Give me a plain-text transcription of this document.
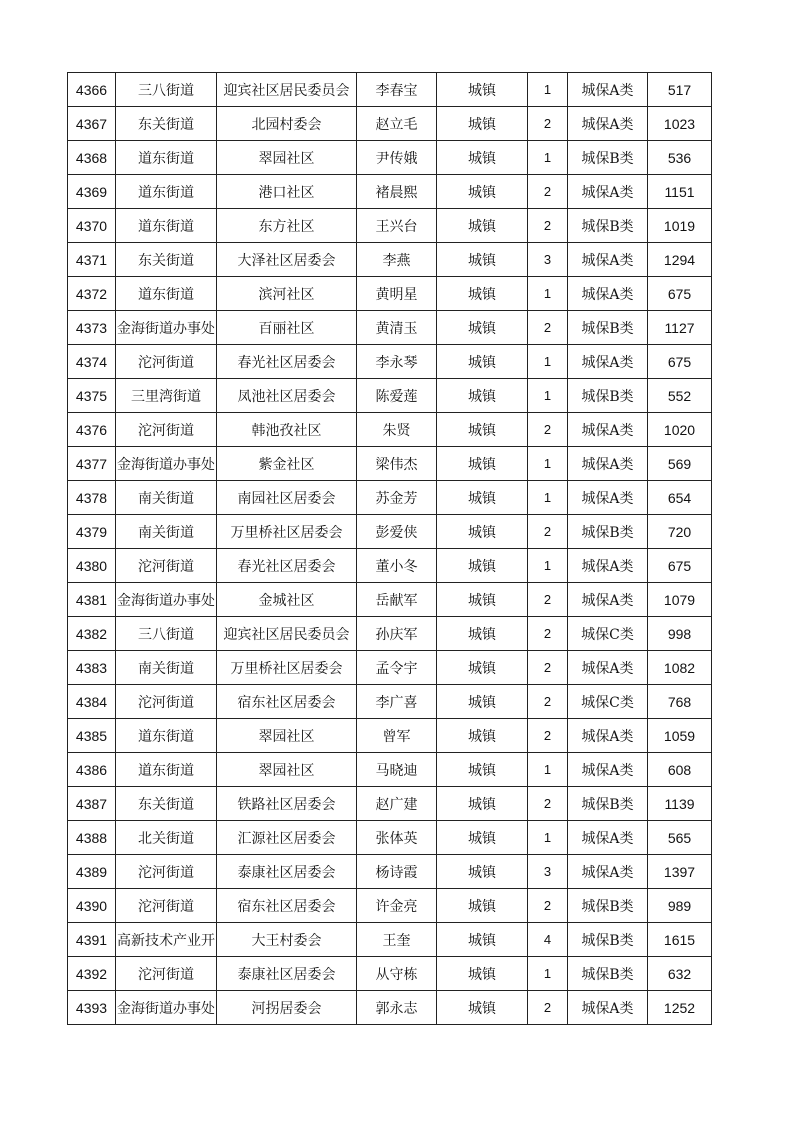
4366	三八街道	迎宾社区居民委员会	李春宝	城镇	1	城保A类	517
4367	东关街道	北园村委会	赵立毛	城镇	2	城保A类	1023
4368	道东街道	翠园社区	尹传娥	城镇	1	城保B类	536
4369	道东街道	港口社区	褚晨熙	城镇	2	城保A类	1151
4370	道东街道	东方社区	王兴台	城镇	2	城保B类	1019
4371	东关街道	大泽社区居委会	李燕	城镇	3	城保A类	1294
4372	道东街道	滨河社区	黄明星	城镇	1	城保A类	675
4373	金海街道办事处	百丽社区	黄清玉	城镇	2	城保B类	1127
4374	沱河街道	春光社区居委会	李永琴	城镇	1	城保A类	675
4375	三里湾街道	凤池社区居委会	陈爱莲	城镇	1	城保B类	552
4376	沱河街道	韩池孜社区	朱贤	城镇	2	城保A类	1020
4377	金海街道办事处	紫金社区	梁伟杰	城镇	1	城保A类	569
4378	南关街道	南园社区居委会	苏金芳	城镇	1	城保A类	654
4379	南关街道	万里桥社区居委会	彭爱侠	城镇	2	城保B类	720
4380	沱河街道	春光社区居委会	董小冬	城镇	1	城保A类	675
4381	金海街道办事处	金城社区	岳献军	城镇	2	城保A类	1079
4382	三八街道	迎宾社区居民委员会	孙庆军	城镇	2	城保C类	998
4383	南关街道	万里桥社区居委会	孟令宇	城镇	2	城保A类	1082
4384	沱河街道	宿东社区居委会	李广喜	城镇	2	城保C类	768
4385	道东街道	翠园社区	曾军	城镇	2	城保A类	1059
4386	道东街道	翠园社区	马晓迪	城镇	1	城保A类	608
4387	东关街道	铁路社区居委会	赵广建	城镇	2	城保B类	1139
4388	北关街道	汇源社区居委会	张体英	城镇	1	城保A类	565
4389	沱河街道	泰康社区居委会	杨诗霞	城镇	3	城保A类	1397
4390	沱河街道	宿东社区居委会	许金亮	城镇	2	城保B类	989
4391	高新技术产业开	大王村委会	王奎	城镇	4	城保B类	1615
4392	沱河街道	泰康社区居委会	从守栋	城镇	1	城保B类	632
4393	金海街道办事处	河拐居委会	郭永志	城镇	2	城保A类	1252
